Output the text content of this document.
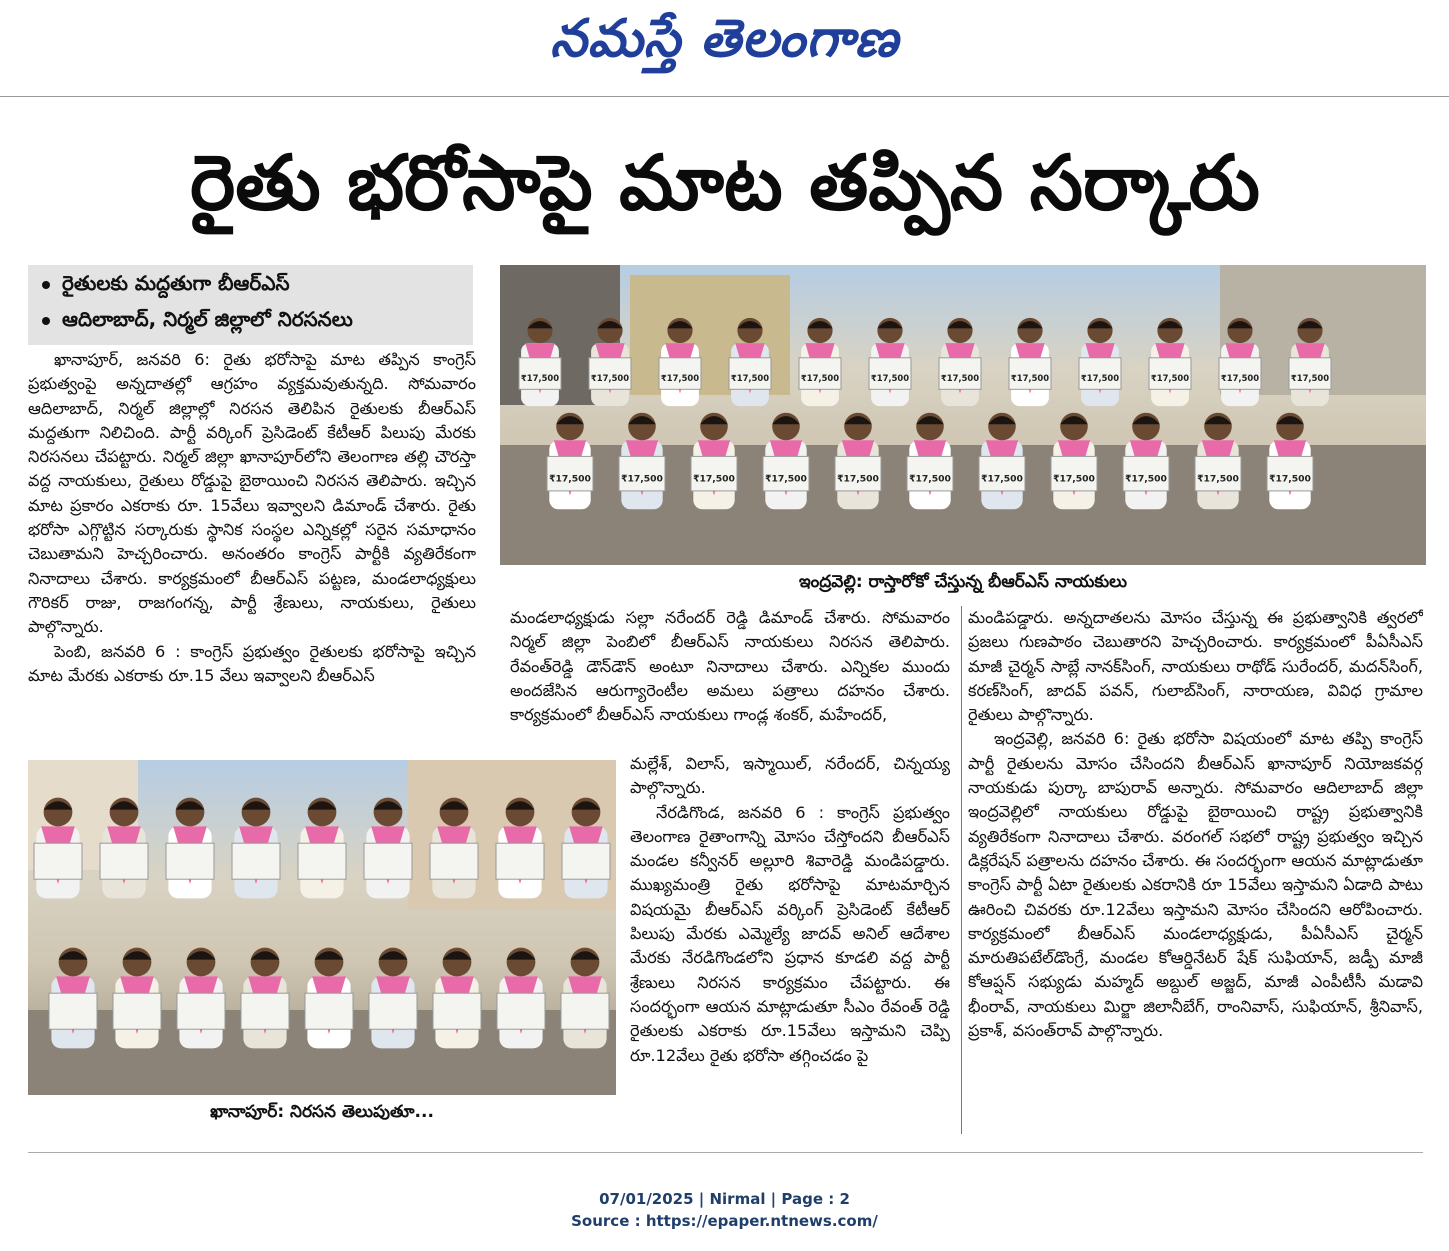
నమస్తే తెలంగాణ
రైతు భరోసాపై మాట తప్పిన సర్కారు
రైతులకు మద్దతుగా బీఆర్‌ఎస్
ఆదిలాబాద్, నిర్మల్ జిల్లాలో నిరసనలు

ఖానాపూర్, జనవరి 6: రైతు భరోసాపై మాట తప్పిన కాంగ్రెస్ ప్రభుత్వంపై అన్నదాతల్లో ఆగ్రహం వ్యక్తమవుతున్నది. సోమవారం ఆదిలాబాద్, నిర్మల్ జిల్లాల్లో నిరసన తెలిపిన రైతులకు బీఆర్‌ఎస్ మద్దతుగా నిలిచింది. పార్టీ వర్కింగ్ ప్రెసిడెంట్ కేటీఆర్ పిలుపు మేరకు నిరసనలు చేపట్టారు. నిర్మల్ జిల్లా ఖానాపూర్‌లోని తెలంగాణ తల్లి చౌరస్తా వద్ద నాయకులు, రైతులు రోడ్డుపై బైఠాయించి నిరసన తెలిపారు. ఇచ్చిన మాట ప్రకారం ఎకరాకు రూ. 15వేలు ఇవ్వాలని డిమాండ్ చేశారు. రైతు భరోసా ఎగ్గొట్టిన సర్కారుకు స్థానిక సంస్థల ఎన్నికల్లో సరైన సమాధానం చెబుతామని హెచ్చరించారు. అనంతరం కాంగ్రెస్ పార్టీకి వ్యతిరేకంగా నినాదాలు చేశారు. కార్యక్రమంలో బీఆర్‌ఎస్ పట్టణ, మండలాధ్యక్షులు గౌరికర్ రాజు, రాజగంగన్న, పార్టీ శ్రేణులు, నాయకులు, రైతులు పాల్గొన్నారు.

పెంబి, జనవరి 6 : కాంగ్రెస్ ప్రభుత్వం రైతులకు భరోసాపై ఇచ్చిన మాట మేరకు ఎకరాకు రూ.15 వేలు ఇవ్వాలని బీఆర్‌ఎస్

₹17,500	₹17,500	₹17,500	₹17,500	₹17,500	₹17,500	₹17,500	₹17,500	₹17,500	₹17,500	₹17,500	₹17,500
₹17,500	₹17,500	₹17,500	₹17,500	₹17,500	₹17,500	₹17,500	₹17,500	₹17,500	₹17,500	₹17,500
ఇంద్రవెల్లి: రాస్తారోకో చేస్తున్న బీఆర్‌ఎస్ నాయకులు
ఖానాపూర్: నిరసన తెలుపుతూ...

మండలాధ్యక్షుడు సల్లా నరేందర్ రెడ్డి డిమాండ్ చేశారు. సోమవారం నిర్మల్ జిల్లా పెంబిలో బీఆర్‌ఎస్ నాయకులు నిరసన తెలిపారు. రేవంత్‌రెడ్డి డౌన్‌డౌన్ అంటూ నినాదాలు చేశారు. ఎన్నికల ముందు అందజేసిన ఆరుగ్యారెంటీల అమలు పత్రాలు దహనం చేశారు. కార్యక్రమంలో బీఆర్‌ఎస్ నాయకులు గాండ్ల శంకర్, మహేందర్,

మల్లేశ్, విలాస్, ఇస్మాయిల్, నరేందర్, చిన్నయ్య పాల్గొన్నారు.

నేరడిగొండ, జనవరి 6 : కాంగ్రెస్ ప్రభుత్వం తెలంగాణ రైతాంగాన్ని మోసం చేస్తోందని బీఆర్‌ఎస్ మండల కన్వీనర్ అల్లూరి శివారెడ్డి మండిపడ్డారు. ముఖ్యమంత్రి రైతు భరోసాపై మాటమార్చిన విషయమై బీఆర్‌ఎస్ వర్కింగ్ ప్రెసిడెంట్ కేటీఆర్ పిలుపు మేరకు ఎమ్మెల్యే జాదవ్ అనిల్ ఆదేశాల మేరకు నేరడిగొండలోని ప్రధాన కూడలి వద్ద పార్టీ శ్రేణులు నిరసన కార్యక్రమం చేపట్టారు. ఈ సందర్భంగా ఆయన మాట్లాడుతూ సీఎం రేవంత్ రెడ్డి రైతులకు ఎకరాకు రూ.15వేలు ఇస్తామని చెప్పి రూ.12వేలు రైతు భరోసా తగ్గించడం పై

మండిపడ్డారు. అన్నదాతలను మోసం చేస్తున్న ఈ ప్రభుత్వానికి త్వరలో ప్రజలు గుణపాఠం చెబుతారని హెచ్చరించారు. కార్యక్రమంలో పీఏసీఎస్ మాజీ చైర్మన్ సాబ్లే నానక్‌సింగ్, నాయకులు రాథోడ్ సురేందర్, మదన్‌సింగ్, కరణ్‌సింగ్, జాదవ్ పవన్, గులాబ్‌సింగ్, నారాయణ, వివిధ గ్రామాల రైతులు పాల్గొన్నారు.

ఇంద్రవెల్లి, జనవరి 6: రైతు భరోసా విషయంలో మాట తప్పి కాంగ్రెస్ పార్టీ రైతులను మోసం చేసిందని బీఆర్‌ఎస్ ఖానాపూర్ నియోజకవర్గ నాయకుడు పుర్కా బాపురావ్ అన్నారు. సోమవారం ఆదిలాబాద్ జిల్లా ఇంద్రవెల్లిలో నాయకులు రోడ్డుపై బైఠాయించి రాష్ట్ర ప్రభుత్వానికి వ్యతిరేకంగా నినాదాలు చేశారు. వరంగల్ సభలో రాష్ట్ర ప్రభుత్వం ఇచ్చిన డిక్లరేషన్ పత్రాలను దహనం చేశారు. ఈ సందర్భంగా ఆయన మాట్లాడుతూ కాంగ్రెస్ పార్టీ ఏటా రైతులకు ఎకరానికి రూ 15వేలు ఇస్తామని ఏడాది పాటు ఊరించి చివరకు రూ.12వేలు ఇస్తామని మోసం చేసిందని ఆరోపించారు. కార్యక్రమంలో బీఆర్‌ఎస్ మండలాధ్యక్షుడు, పీఏసీఎస్ చైర్మన్ మారుతిపటేల్‌డొంగ్రే, మండల కోఆర్డినేటర్ షేక్ సుఫియాన్, జడ్పీ మాజీ కోఆప్షన్ సభ్యుడు మహ్మద్ అబ్దుల్ అజ్జద్, మాజీ ఎంపీటీసీ మడావి భీంరావ్, నాయకులు మిర్జా జిలానీబేగ్, రాంనివాస్, సుఫియాన్, శ్రీనివాస్, ప్రకాశ్, వసంత్‌రావ్ పాల్గొన్నారు.

07/01/2025 | Nirmal | Page : 2
Source : https://epaper.ntnews.com/
